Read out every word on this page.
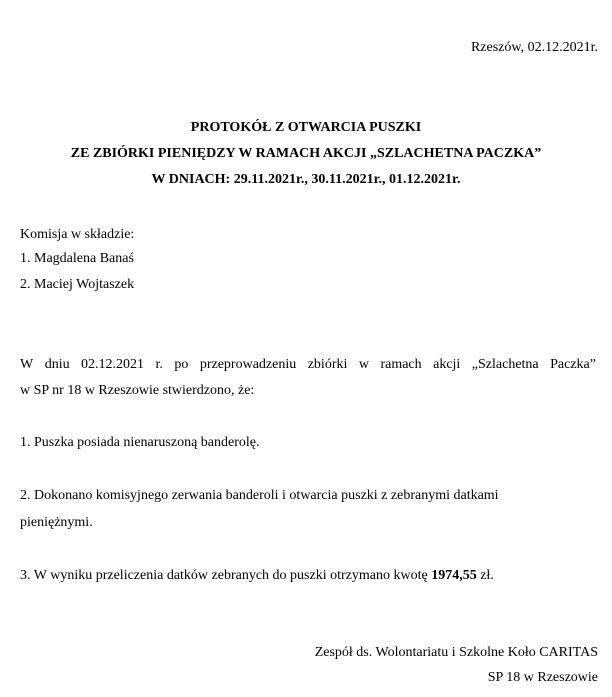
Rzeszów, 02.12.2021r.
PROTOKÓŁ Z OTWARCIA PUSZKI
ZE ZBIÓRKI PIENIĘDZY W RAMACH AKCJI „SZLACHETNA PACZKA”
W DNIACH: 29.11.2021r., 30.11.2021r., 01.12.2021r.
Komisja w składzie:
1. Magdalena Banaś
2. Maciej Wojtaszek
W dniu 02.12.2021 r. po przeprowadzeniu zbiórki w ramach akcji „Szlachetna Paczka”
w SP nr 18 w Rzeszowie stwierdzono, że:
1. Puszka posiada nienaruszoną banderolę.
2. Dokonano komisyjnego zerwania banderoli i otwarcia puszki z zebranymi datkami
pieniężnymi.
3. W wyniku przeliczenia datków zebranych do puszki otrzymano kwotę 1974,55 zł.
Zespół ds. Wolontariatu i Szkolne Koło CARITAS
SP 18 w Rzeszowie
